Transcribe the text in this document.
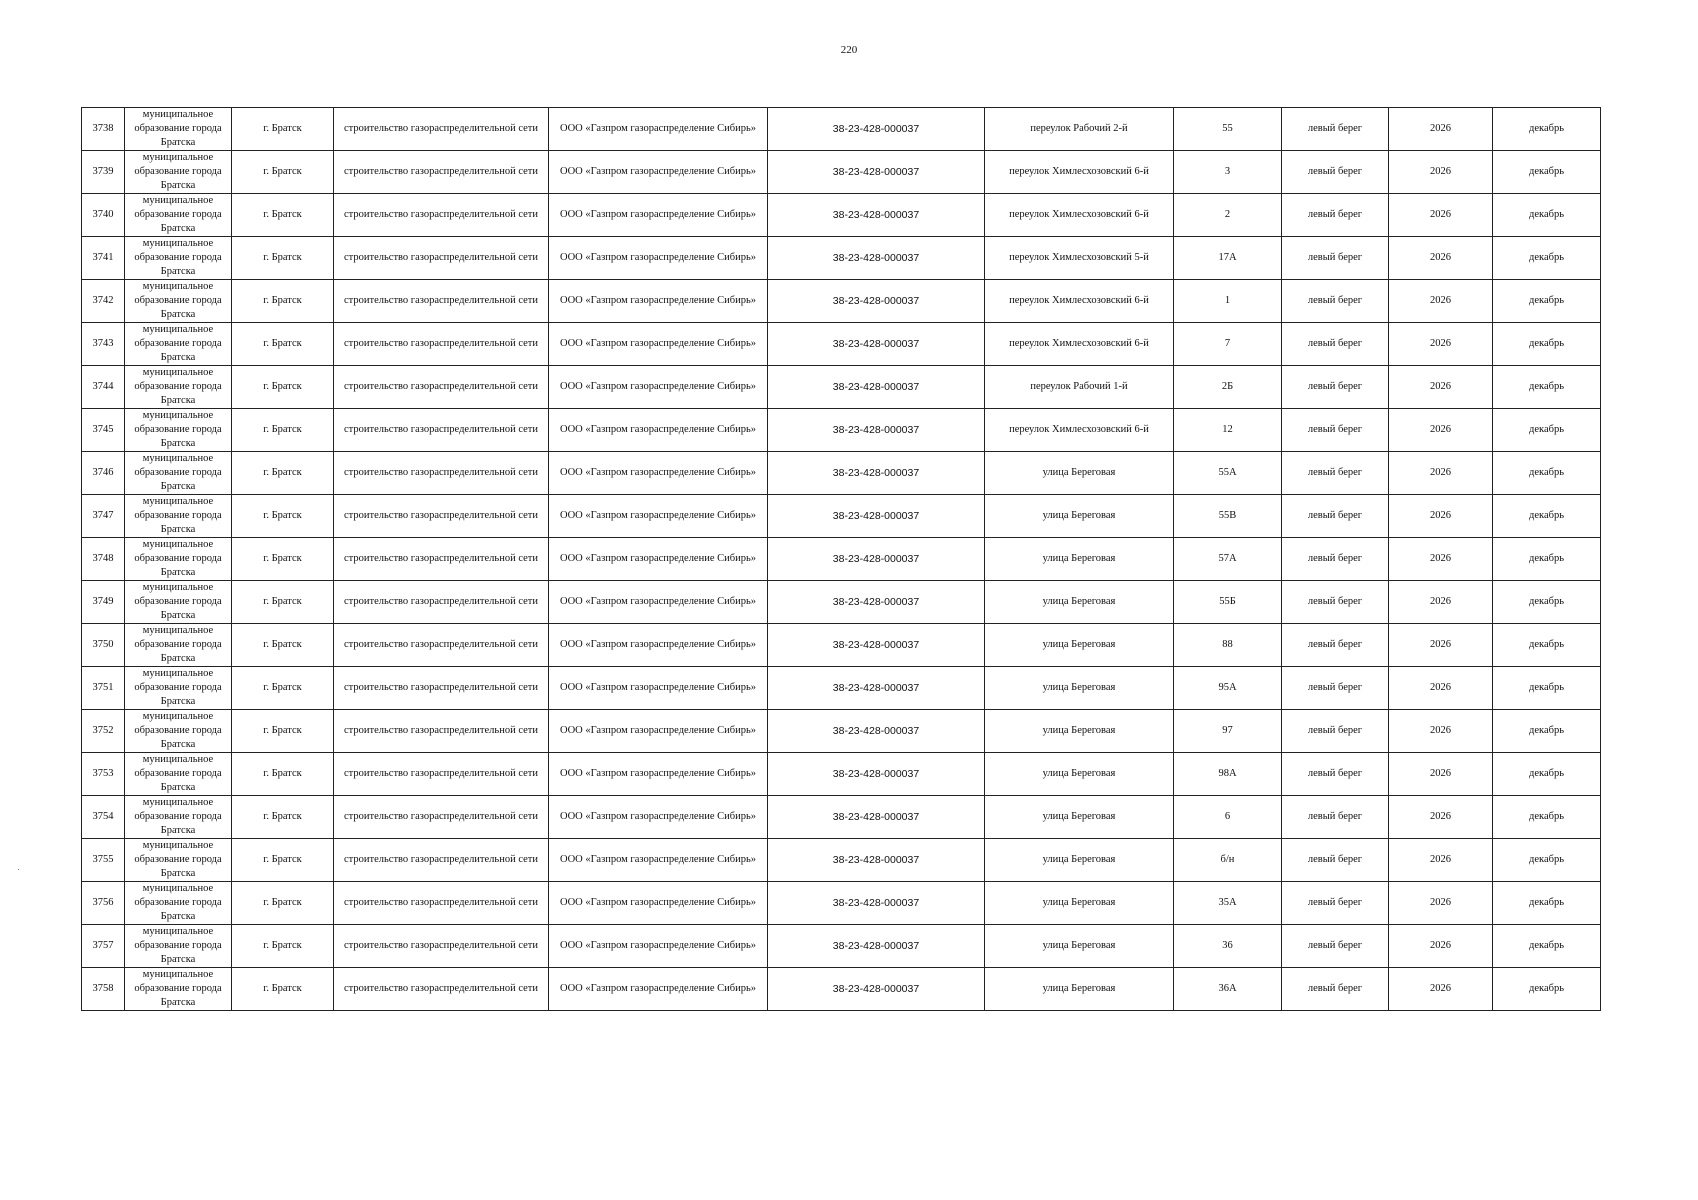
220
3738	муниципальное образование города Братска	г. Братск	строительство газораспределительной сети	ООО «Газпром газораспределение Сибирь»	38-23-428-000037	переулок Рабочий 2-й	55	левый берег	2026	декабрь
3739	муниципальное образование города Братска	г. Братск	строительство газораспределительной сети	ООО «Газпром газораспределение Сибирь»	38-23-428-000037	переулок Химлесхозовский 6-й	3	левый берег	2026	декабрь
3740	муниципальное образование города Братска	г. Братск	строительство газораспределительной сети	ООО «Газпром газораспределение Сибирь»	38-23-428-000037	переулок Химлесхозовский 6-й	2	левый берег	2026	декабрь
3741	муниципальное образование города Братска	г. Братск	строительство газораспределительной сети	ООО «Газпром газораспределение Сибирь»	38-23-428-000037	переулок Химлесхозовский 5-й	17А	левый берег	2026	декабрь
3742	муниципальное образование города Братска	г. Братск	строительство газораспределительной сети	ООО «Газпром газораспределение Сибирь»	38-23-428-000037	переулок Химлесхозовский 6-й	1	левый берег	2026	декабрь
3743	муниципальное образование города Братска	г. Братск	строительство газораспределительной сети	ООО «Газпром газораспределение Сибирь»	38-23-428-000037	переулок Химлесхозовский 6-й	7	левый берег	2026	декабрь
3744	муниципальное образование города Братска	г. Братск	строительство газораспределительной сети	ООО «Газпром газораспределение Сибирь»	38-23-428-000037	переулок Рабочий 1-й	2Б	левый берег	2026	декабрь
3745	муниципальное образование города Братска	г. Братск	строительство газораспределительной сети	ООО «Газпром газораспределение Сибирь»	38-23-428-000037	переулок Химлесхозовский 6-й	12	левый берег	2026	декабрь
3746	муниципальное образование города Братска	г. Братск	строительство газораспределительной сети	ООО «Газпром газораспределение Сибирь»	38-23-428-000037	улица Береговая	55А	левый берег	2026	декабрь
3747	муниципальное образование города Братска	г. Братск	строительство газораспределительной сети	ООО «Газпром газораспределение Сибирь»	38-23-428-000037	улица Береговая	55В	левый берег	2026	декабрь
3748	муниципальное образование города Братска	г. Братск	строительство газораспределительной сети	ООО «Газпром газораспределение Сибирь»	38-23-428-000037	улица Береговая	57А	левый берег	2026	декабрь
3749	муниципальное образование города Братска	г. Братск	строительство газораспределительной сети	ООО «Газпром газораспределение Сибирь»	38-23-428-000037	улица Береговая	55Б	левый берег	2026	декабрь
3750	муниципальное образование города Братска	г. Братск	строительство газораспределительной сети	ООО «Газпром газораспределение Сибирь»	38-23-428-000037	улица Береговая	88	левый берег	2026	декабрь
3751	муниципальное образование города Братска	г. Братск	строительство газораспределительной сети	ООО «Газпром газораспределение Сибирь»	38-23-428-000037	улица Береговая	95А	левый берег	2026	декабрь
3752	муниципальное образование города Братска	г. Братск	строительство газораспределительной сети	ООО «Газпром газораспределение Сибирь»	38-23-428-000037	улица Береговая	97	левый берег	2026	декабрь
3753	муниципальное образование города Братска	г. Братск	строительство газораспределительной сети	ООО «Газпром газораспределение Сибирь»	38-23-428-000037	улица Береговая	98А	левый берег	2026	декабрь
3754	муниципальное образование города Братска	г. Братск	строительство газораспределительной сети	ООО «Газпром газораспределение Сибирь»	38-23-428-000037	улица Береговая	6	левый берег	2026	декабрь
3755	муниципальное образование города Братска	г. Братск	строительство газораспределительной сети	ООО «Газпром газораспределение Сибирь»	38-23-428-000037	улица Береговая	б/н	левый берег	2026	декабрь
3756	муниципальное образование города Братска	г. Братск	строительство газораспределительной сети	ООО «Газпром газораспределение Сибирь»	38-23-428-000037	улица Береговая	35А	левый берег	2026	декабрь
3757	муниципальное образование города Братска	г. Братск	строительство газораспределительной сети	ООО «Газпром газораспределение Сибирь»	38-23-428-000037	улица Береговая	36	левый берег	2026	декабрь
3758	муниципальное образование города Братска	г. Братск	строительство газораспределительной сети	ООО «Газпром газораспределение Сибирь»	38-23-428-000037	улица Береговая	36А	левый берег	2026	декабрь
